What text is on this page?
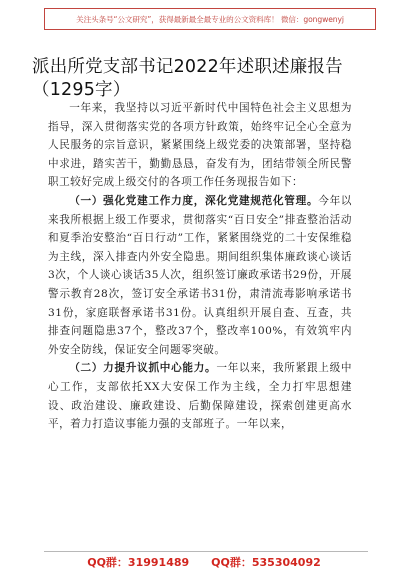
关注头条号“公文研究”，获得最新最全最专业的公文资料库！ 微信：gongwenyj
派出所党支部书记2022年述职述廉报告（1295字）

一年来，我坚持以习近平新时代中国特色社会主义思想为指导，深入贯彻落实党的各项方针政策，始终牢记全心全意为人民服务的宗旨意识，紧紧围绕上级党委的决策部署，坚持稳中求进，踏实苦干，勤勤恳恳，奋发有为，团结带领全所民警职工较好完成上级交付的各项工作任务现报告如下：

（一）强化党建工作力度，深化党建规范化管理。今年以来我所根据上级工作要求，贯彻落实“百日安全”排查整治活动和夏季治安整治“百日行动”工作，紧紧围绕党的二十安保维稳为主线，深入排查内外安全隐患。期间组织集体廉政谈心谈话3次，个人谈心谈话35人次，组织签订廉政承诺书29份，开展警示教育28次，签订安全承诺书31份，肃清流毒影响承诺书31份，家庭联督承诺书31份。认真组织开展自查、互查，共排查问题隐患37个，整改37个，整改率100%，有效筑牢内外安全防线，保证安全问题零突破。

（二）力提升议抓中心能力。一年以来，我所紧跟上级中心工作，支部依托XX大安保工作为主线，全力打牢思想建设、政治建设、廉政建设、后勤保障建设，探索创建更高水平，着力打造议事能力强的支部班子。一年以来，

QQ群：31991489 QQ群：535304092
